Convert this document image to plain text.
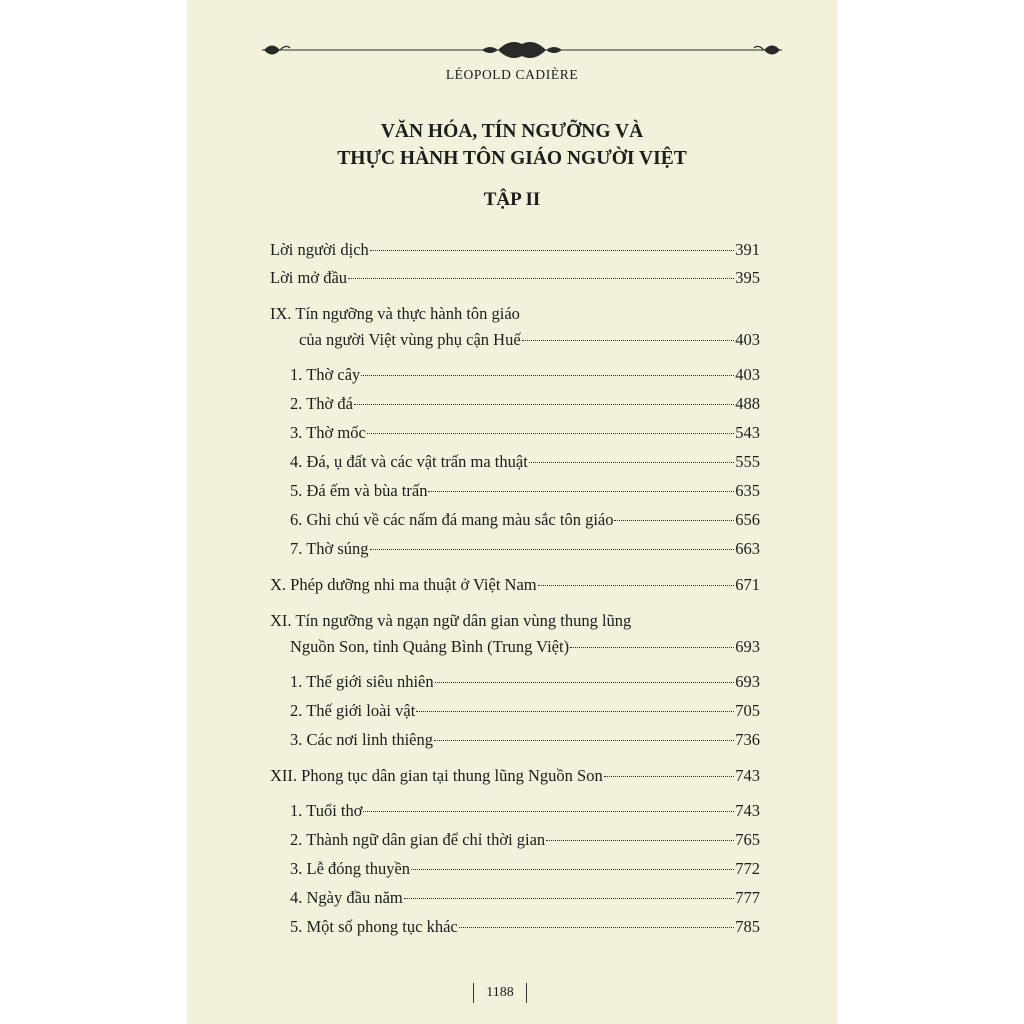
LÉOPOLD CADIÈRE
VĂN HÓA, TÍN NGƯỠNG VÀ
THỰC HÀNH TÔN GIÁO NGƯỜI VIỆT
TẬP II
Lời người dịch	391
Lời mở đầu	395
IX. Tín ngưỡng và thực hành tôn giáo
của người Việt vùng phụ cận Huế	403
1. Thờ cây	403
2. Thờ đá	488
3. Thờ mốc	543
4. Đá, ụ đất và các vật trấn ma thuật	555
5. Đá ếm và bùa trấn	635
6. Ghi chú về các nấm đá mang màu sắc tôn giáo	656
7. Thờ súng	663
X. Phép dưỡng nhi ma thuật ở Việt Nam	671
XI. Tín ngưỡng và ngạn ngữ dân gian vùng thung lũng
Nguồn Son, tỉnh Quảng Bình (Trung Việt)	693
1. Thế giới siêu nhiên	693
2. Thế giới loài vật	705
3. Các nơi linh thiêng	736
XII. Phong tục dân gian tại thung lũng Nguồn Son	743
1. Tuổi thơ	743
2. Thành ngữ dân gian để chỉ thời gian	765
3. Lễ đóng thuyền	772
4. Ngày đầu năm	777
5. Một số phong tục khác	785
1188
